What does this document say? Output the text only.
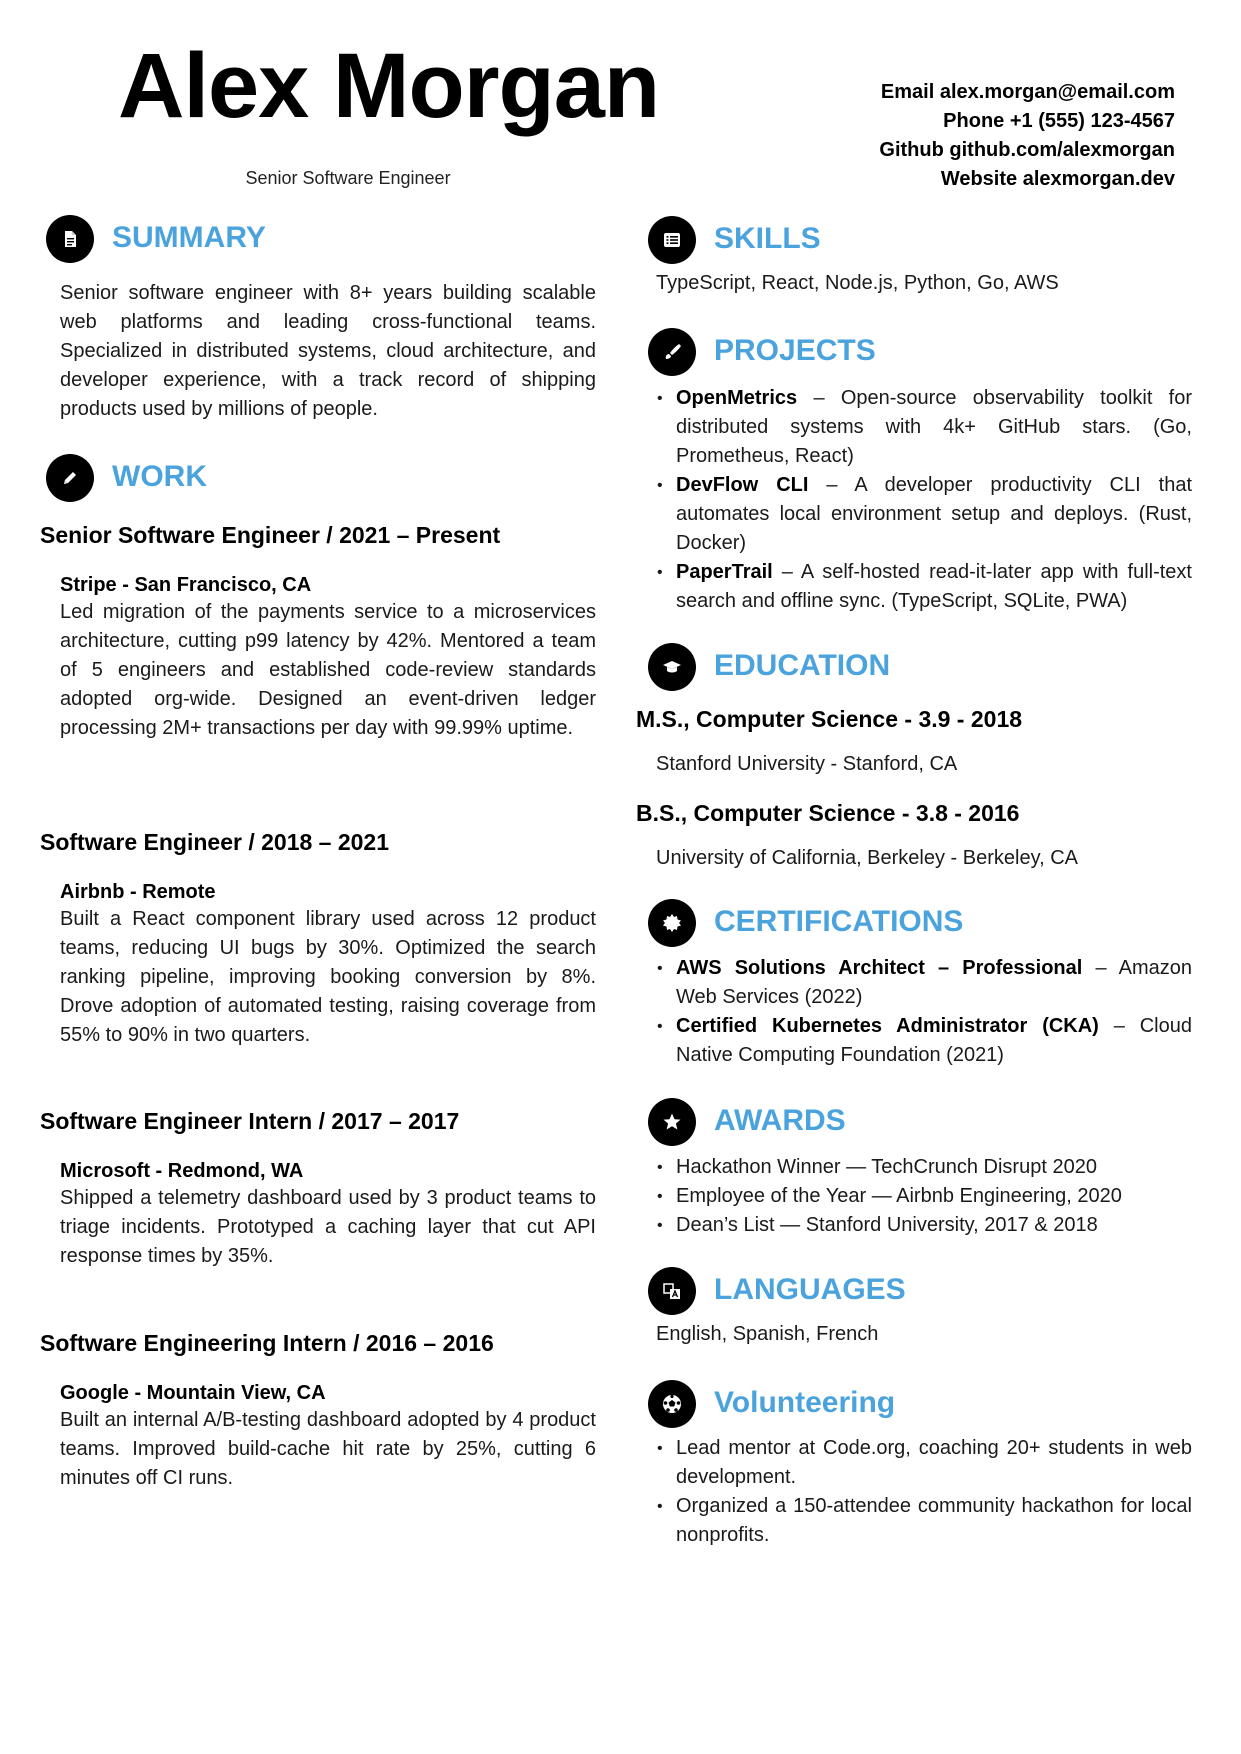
Alex Morgan
Senior Software Engineer
Email alex.morgan@email.com
Phone +1 (555) 123-4567
Github github.com/alexmorgan
Website alexmorgan.dev
SUMMARY
Senior software engineer with 8+ years building scalable web platforms and leading cross-functional teams. Specialized in distributed systems, cloud architecture, and developer experience, with a track record of shipping products used by millions of people.
WORK
Senior Software Engineer / 2021 – Present
Stripe - San Francisco, CA
Led migration of the payments service to a microservices architecture, cutting p99 latency by 42%. Mentored a team of 5 engineers and established code-review standards adopted org-wide. Designed an event-driven ledger processing 2M+ transactions per day with 99.99% uptime.
Software Engineer / 2018 – 2021
Airbnb - Remote
Built a React component library used across 12 product teams, reducing UI bugs by 30%. Optimized the search ranking pipeline, improving booking conversion by 8%. Drove adoption of automated testing, raising coverage from 55% to 90% in two quarters.
Software Engineer Intern / 2017 – 2017
Microsoft - Redmond, WA
Shipped a telemetry dashboard used by 3 product teams to triage incidents. Prototyped a caching layer that cut API response times by 35%.
Software Engineering Intern / 2016 – 2016
Google - Mountain View, CA
Built an internal A/B-testing dashboard adopted by 4 product teams. Improved build-cache hit rate by 25%, cutting 6 minutes off CI runs.
SKILLS
TypeScript, React, Node.js, Python, Go, AWS
PROJECTS
• OpenMetrics – Open-source observability toolkit for distributed systems with 4k+ GitHub stars. (Go, Prometheus, React)
• DevFlow CLI – A developer productivity CLI that automates local environment setup and deploys. (Rust, Docker)
• PaperTrail – A self-hosted read-it-later app with full-text search and offline sync. (TypeScript, SQLite, PWA)
EDUCATION
M.S., Computer Science - 3.9 - 2018
Stanford University - Stanford, CA
B.S., Computer Science - 3.8 - 2016
University of California, Berkeley - Berkeley, CA
CERTIFICATIONS
• AWS Solutions Architect – Professional – Amazon Web Services (2022)
• Certified Kubernetes Administrator (CKA) – Cloud Native Computing Foundation (2021)
AWARDS
• Hackathon Winner — TechCrunch Disrupt 2020
• Employee of the Year — Airbnb Engineering, 2020
• Dean’s List — Stanford University, 2017 & 2018
LANGUAGES
English, Spanish, French
Volunteering
• Lead mentor at Code.org, coaching 20+ students in web development.
• Organized a 150-attendee community hackathon for local nonprofits.
